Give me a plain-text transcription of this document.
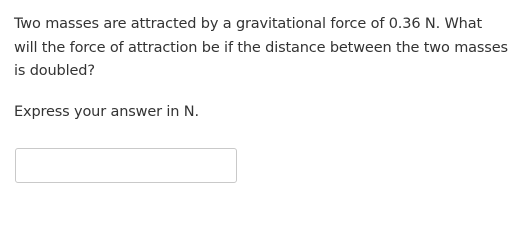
Two masses are attracted by a gravitational force of 0.36 N. What will the force of attraction be if the distance between the two masses is doubled?

Express your answer in N.
